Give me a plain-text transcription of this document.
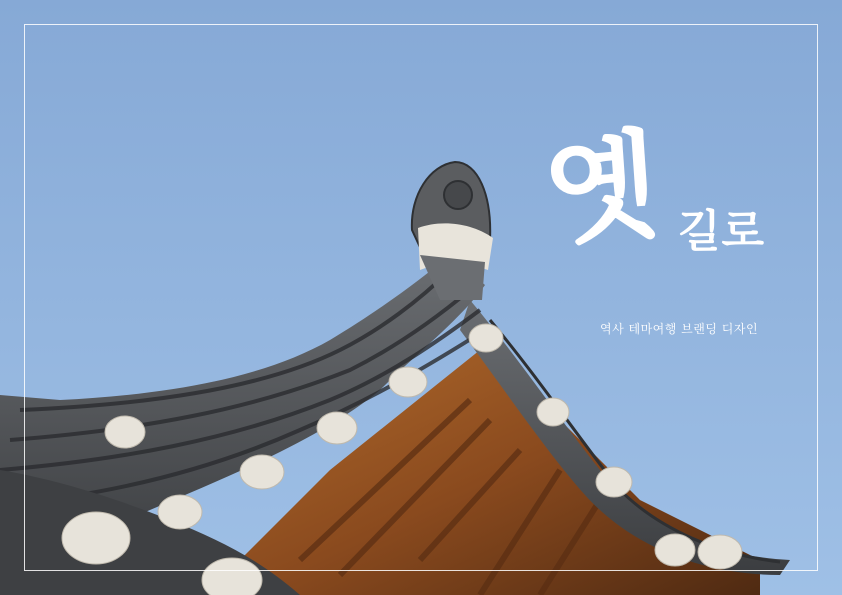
옛 길로
역사 테마여행 브랜딩 디자인
